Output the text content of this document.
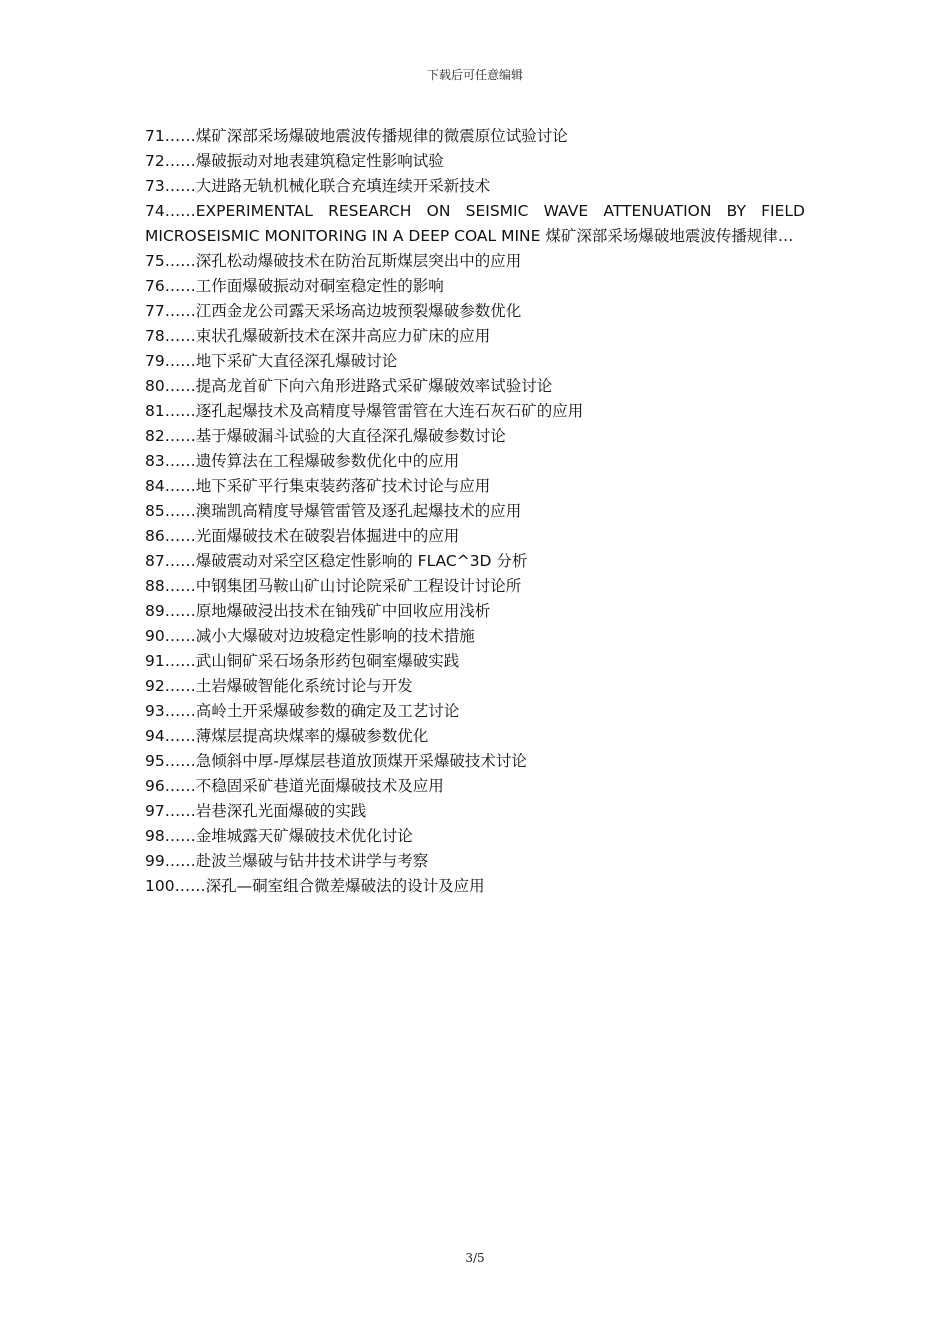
下载后可任意编辑

71……煤矿深部采场爆破地震波传播规律的微震原位试验讨论

72……爆破振动对地表建筑稳定性影响试验

73……大进路无轨机械化联合充填连续开采新技术

74……EXPERIMENTAL RESEARCH ON SEISMIC WAVE ATTENUATION BY FIELD MICROSEISMIC MONITORING IN A DEEP COAL MINE 煤矿深部采场爆破地震波传播规律…

75……深孔松动爆破技术在防治瓦斯煤层突出中的应用

76……工作面爆破振动对硐室稳定性的影响

77……江西金龙公司露天采场高边坡预裂爆破参数优化

78……束状孔爆破新技术在深井高应力矿床的应用

79……地下采矿大直径深孔爆破讨论

80……提高龙首矿下向六角形进路式采矿爆破效率试验讨论

81……逐孔起爆技术及高精度导爆管雷管在大连石灰石矿的应用

82……基于爆破漏斗试验的大直径深孔爆破参数讨论

83……遗传算法在工程爆破参数优化中的应用

84……地下采矿平行集束装药落矿技术讨论与应用

85……澳瑞凯高精度导爆管雷管及逐孔起爆技术的应用

86……光面爆破技术在破裂岩体掘进中的应用

87……爆破震动对采空区稳定性影响的 FLAC^3D 分析

88……中钢集团马鞍山矿山讨论院采矿工程设计讨论所

89……原地爆破浸出技术在铀残矿中回收应用浅析

90……减小大爆破对边坡稳定性影响的技术措施

91……武山铜矿采石场条形药包硐室爆破实践

92……土岩爆破智能化系统讨论与开发

93……高岭土开采爆破参数的确定及工艺讨论

94……薄煤层提高块煤率的爆破参数优化

95……急倾斜中厚-厚煤层巷道放顶煤开采爆破技术讨论

96……不稳固采矿巷道光面爆破技术及应用

97……岩巷深孔光面爆破的实践

98……金堆城露天矿爆破技术优化讨论

99……赴波兰爆破与钻井技术讲学与考察

100……深孔—硐室组合微差爆破法的设计及应用

3/5
